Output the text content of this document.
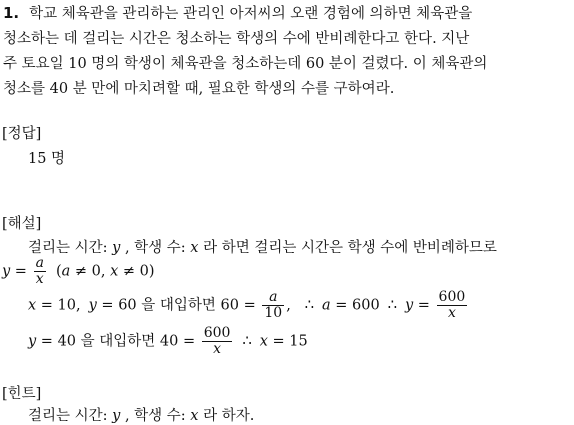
1. 학교 체육관을 관리하는 관리인 아저씨의 오랜 경험에 의하면 체육관을
청소하는 데 걸리는 시간은 청소하는 학생의 수에 반비례한다고 한다. 지난
주 토요일 10 명의 학생이 체육관을 청소하는데 60 분이 걸렸다. 이 체육관의
청소를 40 분 만에 마치려할 때, 필요한 학생의 수를 구하여라.
[정답]
15 명
[해설]
걸리는 시간: y , 학생 수: x 라 하면 걸리는 시간은 학생 수에 반비례하므로
$y = \frac{a}{x} (a \ne 0$, x ≠ 0)
x = 10, y = 60 을 대입하면 $60 = \frac{a}{10}$ , ∴ a = 600 ∴ $y = \frac{600}{x}$
y = 40 을 대입하면 $40 = \frac{600}{x}$ ∴ x = 15
[힌트]
걸리는 시간: y , 학생 수: x 라 하자.
